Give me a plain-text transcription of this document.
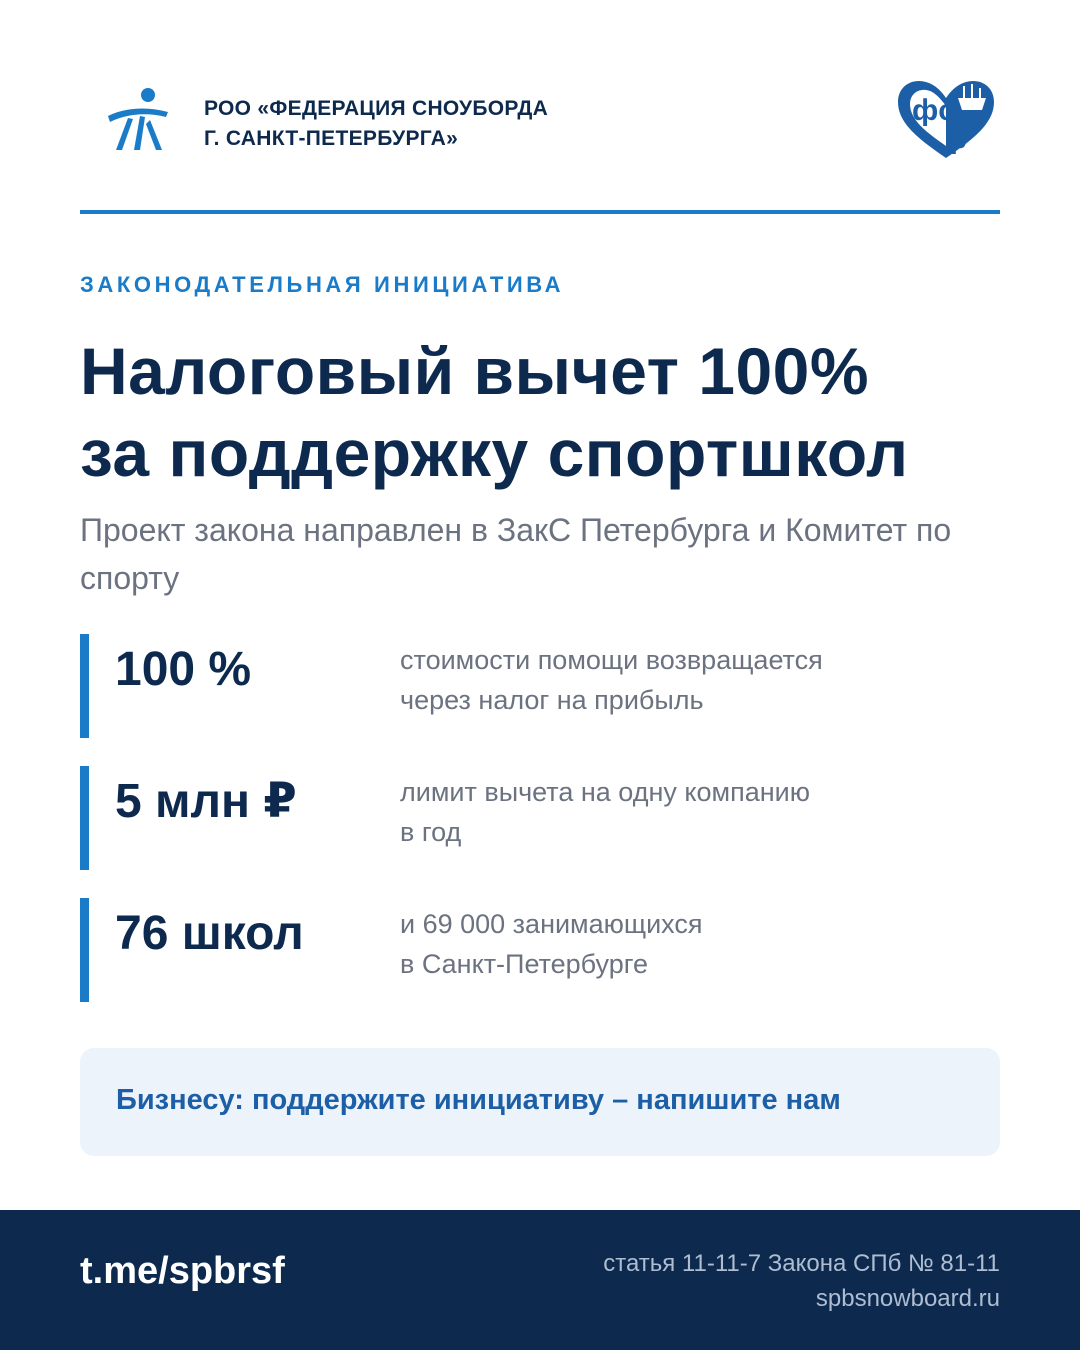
РОО «ФЕДЕРАЦИЯ СНОУБОРДА
Г. САНКТ-ПЕТЕРБУРГА»
фс
р
ЗАКОНОДАТЕЛЬНАЯ ИНИЦИАТИВА
Налоговый вычет 100%
за поддержку спортшкол
Проект закона направлен в ЗакС Петербурга и Комитет по спорту
100 %	стоимости помощи возвращается
через налог на прибыль
5 млн ₽	лимит вычета на одну компанию
в год
76 школ	и 69 000 занимающихся
в Санкт-Петербурге
Бизнесу: поддержите инициативу – напишите нам
t.me/spbrsf	статья 11-11-7 Закона СПб № 81-11
spbsnowboard.ru
